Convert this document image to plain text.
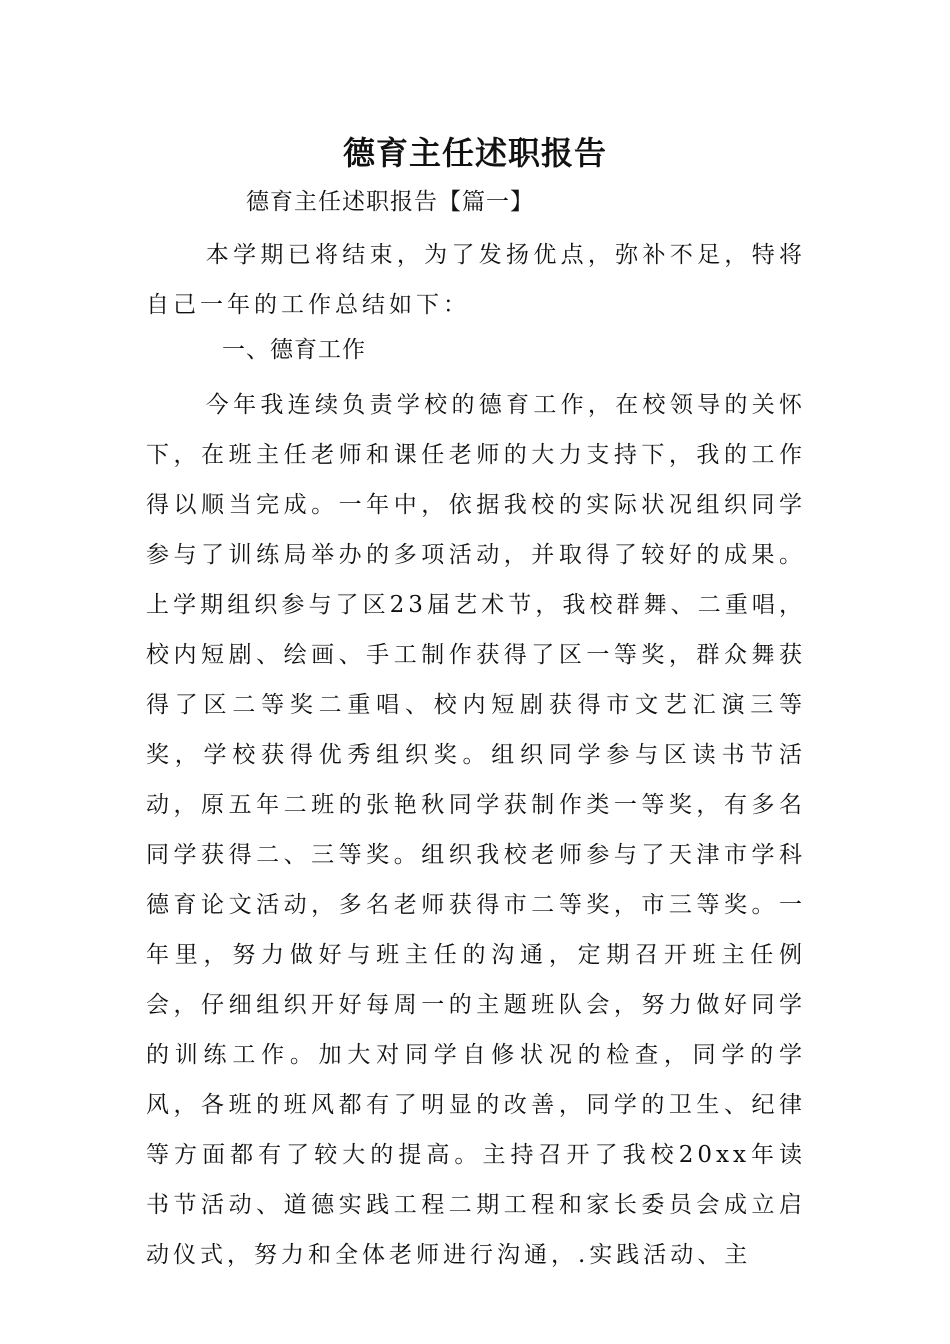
德育主任述职报告

德育主任述职报告【篇一】

本学期已将结束，为了发扬优点，弥补不足，特将自己一年的工作总结如下：

一、德育工作

今年我连续负责学校的德育工作，在校领导的关怀下，在班主任老师和课任老师的大力支持下，我的工作得以顺当完成。一年中，依据我校的实际状况组织同学参与了训练局举办的多项活动，并取得了较好的成果。上学期组织参与了区23届艺术节，我校群舞、二重唱，校内短剧、绘画、手工制作获得了区一等奖，群众舞获得了区二等奖二重唱、校内短剧获得市文艺汇演三等奖，学校获得优秀组织奖。组织同学参与区读书节活动，原五年二班的张艳秋同学获制作类一等奖，有多名同学获得二、三等奖。组织我校老师参与了天津市学科德育论文活动，多名老师获得市二等奖，市三等奖。一年里，努力做好与班主任的沟通，定期召开班主任例会，仔细组织开好每周一的主题班队会，努力做好同学的训练工作。加大对同学自修状况的检查，同学的学风，各班的班风都有了明显的改善，同学的卫生、纪律等方面都有了较大的提高。主持召开了我校20xx年读书节活动、道德实践工程二期工程和家长委员会成立启动仪式，努力和全体老师进行沟通，.实践活动、主
